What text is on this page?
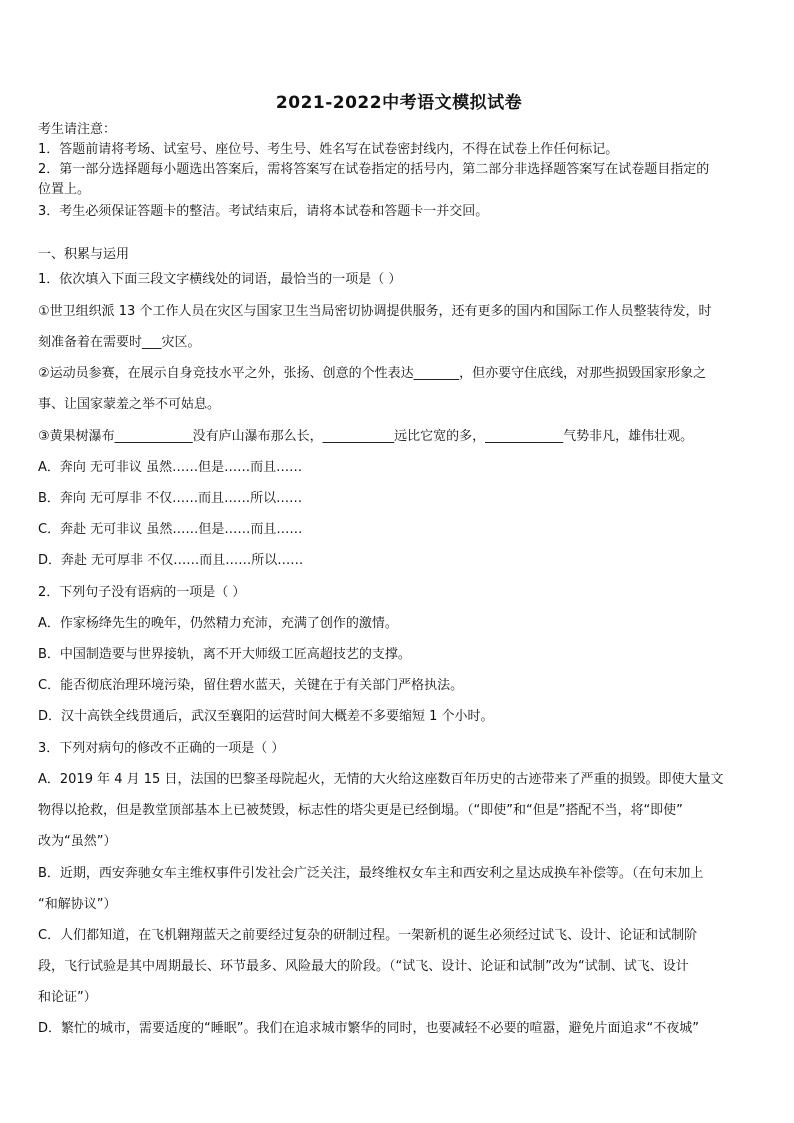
2021-2022中考语文模拟试卷
考生请注意：
1．答题前请将考场、试室号、座位号、考生号、姓名写在试卷密封线内，不得在试卷上作任何标记。
2．第一部分选择题每小题选出答案后，需将答案写在试卷指定的括号内，第二部分非选择题答案写在试卷题目指定的
位置上。
3．考生必须保证答题卡的整洁。考试结束后，请将本试卷和答题卡一并交回。
一、积累与运用
1．依次填入下面三段文字横线处的词语，最恰当的一项是（ ）
①世卫组织派 13 个工作人员在灾区与国家卫生当局密切协调提供服务，还有更多的国内和国际工作人员整装待发，时
刻准备着在需要时___灾区。
②运动员参赛，在展示自身竞技水平之外，张扬、创意的个性表达_______，但亦要守住底线，对那些损毁国家形象之
事、让国家蒙羞之举不可姑息。
③黄果树瀑布____________没有庐山瀑布那么长，___________远比它宽的多，____________气势非凡，雄伟壮观。
A．奔向 无可非议 虽然……但是……而且……
B．奔向 无可厚非 不仅……而且……所以……
C．奔赴 无可非议 虽然……但是……而且……
D．奔赴 无可厚非 不仅……而且……所以……
2．下列句子没有语病的一项是（ ）
A．作家杨绛先生的晚年，仍然精力充沛，充满了创作的激情。
B．中国制造要与世界接轨，离不开大师级工匠高超技艺的支撑。
C．能否彻底治理环境污染，留住碧水蓝天，关键在于有关部门严格执法。
D．汉十高铁全线贯通后，武汉至襄阳的运营时间大概差不多要缩短 1 个小时。
3．下列对病句的修改不正确的一项是（ ）
A．2019 年 4 月 15 日，法国的巴黎圣母院起火，无情的大火给这座数百年历史的古迹带来了严重的损毁。即使大量文
物得以抢救，但是教堂顶部基本上已被焚毁，标志性的塔尖更是已经倒塌。（“即使”和“但是”搭配不当，将“即使”
改为“虽然”）
B．近期，西安奔驰女车主维权事件引发社会广泛关注，最终维权女车主和西安利之星达成换车补偿等。（在句末加上
“和解协议”）
C．人们都知道，在飞机翱翔蓝天之前要经过复杂的研制过程。一架新机的诞生必须经过试飞、设计、论证和试制阶
段，飞行试验是其中周期最长、环节最多、风险最大的阶段。（“试飞、设计、论证和试制”改为“试制、试飞、设计
和论证”）
D．繁忙的城市，需要适度的“睡眠”。我们在追求城市繁华的同时，也要减轻不必要的喧嚣，避免片面追求“不夜城”
